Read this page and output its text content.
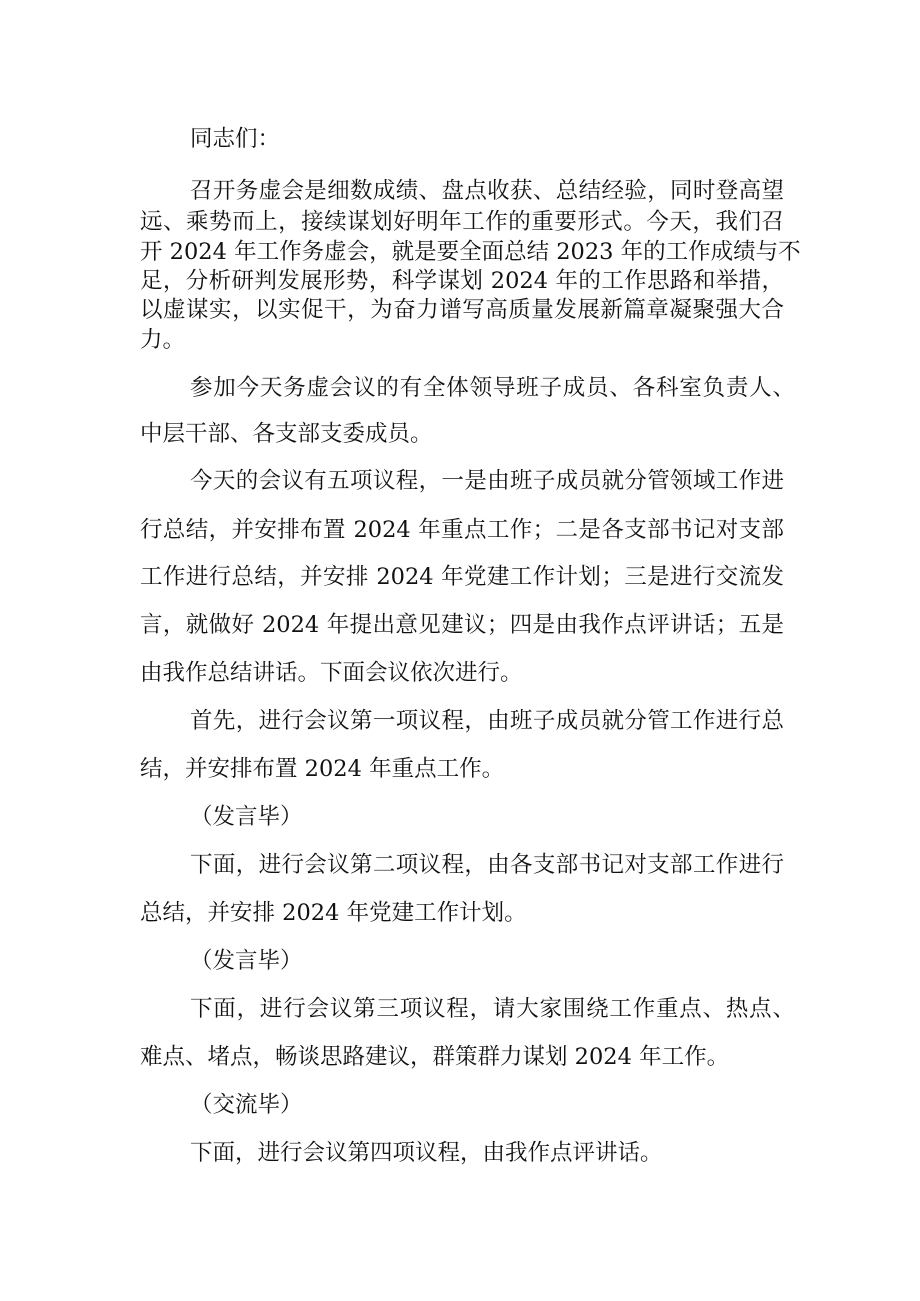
同志们：
召开务虚会是细数成绩、盘点收获、总结经验，同时登高望
远、乘势而上，接续谋划好明年工作的重要形式。今天，我们召
开 2024 年工作务虚会，就是要全面总结 2023 年的工作成绩与不
足，分析研判发展形势，科学谋划 2024 年的工作思路和举措，
以虚谋实，以实促干，为奋力谱写高质量发展新篇章凝聚强大合
力。
参加今天务虚会议的有全体领导班子成员、各科室负责人、
中层干部、各支部支委成员。
今天的会议有五项议程，一是由班子成员就分管领域工作进
行总结，并安排布置 2024 年重点工作；二是各支部书记对支部
工作进行总结，并安排 2024 年党建工作计划；三是进行交流发
言，就做好 2024 年提出意见建议；四是由我作点评讲话；五是
由我作总结讲话。下面会议依次进行。
首先，进行会议第一项议程，由班子成员就分管工作进行总
结，并安排布置 2024 年重点工作。
（发言毕）
下面，进行会议第二项议程，由各支部书记对支部工作进行
总结，并安排 2024 年党建工作计划。
（发言毕）
下面，进行会议第三项议程，请大家围绕工作重点、热点、
难点、堵点，畅谈思路建议，群策群力谋划 2024 年工作。
（交流毕）
下面，进行会议第四项议程，由我作点评讲话。
